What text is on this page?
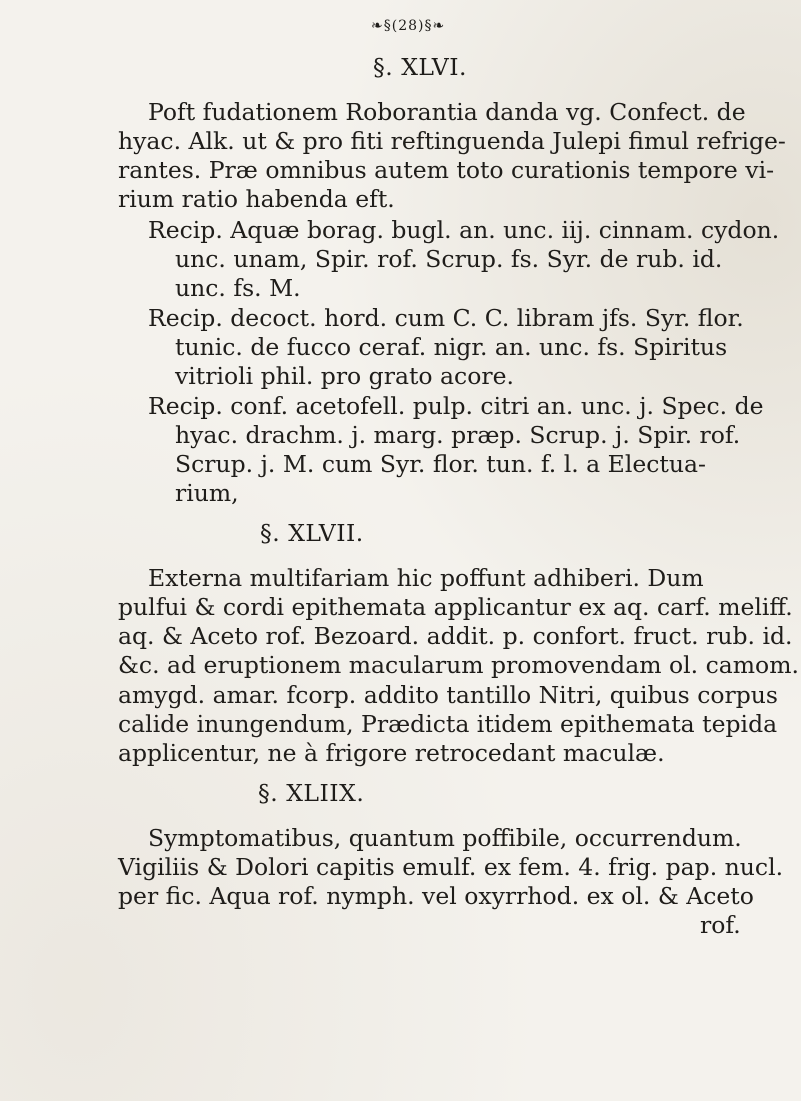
❧§(28)§❧
§. XLVI.
Poft fudationem Roborantia danda vg. Confect. de
hyac. Alk. ut & pro fiti reftinguenda Julepi fimul refrige-
rantes. Præ omnibus autem toto curationis tempore vi-
rium ratio habenda eft.
Recip. Aquæ borag. bugl. an. unc. iij. cinnam. cydon.
unc. unam, Spir. rof. Scrup. fs. Syr. de rub. id.
unc. fs. M.
Recip. decoct. hord. cum C. C. libram jfs. Syr. flor.
tunic. de fucco ceraf. nigr. an. unc. fs. Spiritus
vitrioli phil. pro grato acore.
Recip. conf. acetofell. pulp. citri an. unc. j. Spec. de
hyac. drachm. j. marg. præp. Scrup. j. Spir. rof.
Scrup. j. M. cum Syr. flor. tun. f. l. a Electua-
rium,
§. XLVII.
Externa multifariam hic poffunt adhiberi. Dum
pulfui & cordi epithemata applicantur ex aq. carf. meliff.
aq. & Aceto rof. Bezoard. addit. p. confort. fruct. rub. id.
&c. ad eruptionem macularum promovendam ol. camom.
amygd. amar. fcorp. addito tantillo Nitri, quibus corpus
calide inungendum, Prædicta itidem epithemata tepida
applicentur, ne à frigore retrocedant maculæ.
§. XLIIX.
Symptomatibus, quantum poffibile, occurrendum.
Vigiliis & Dolori capitis emulf. ex fem. 4. frig. pap. nucl.
per fic. Aqua rof. nymph. vel oxyrrhod. ex ol. & Aceto
rof.
